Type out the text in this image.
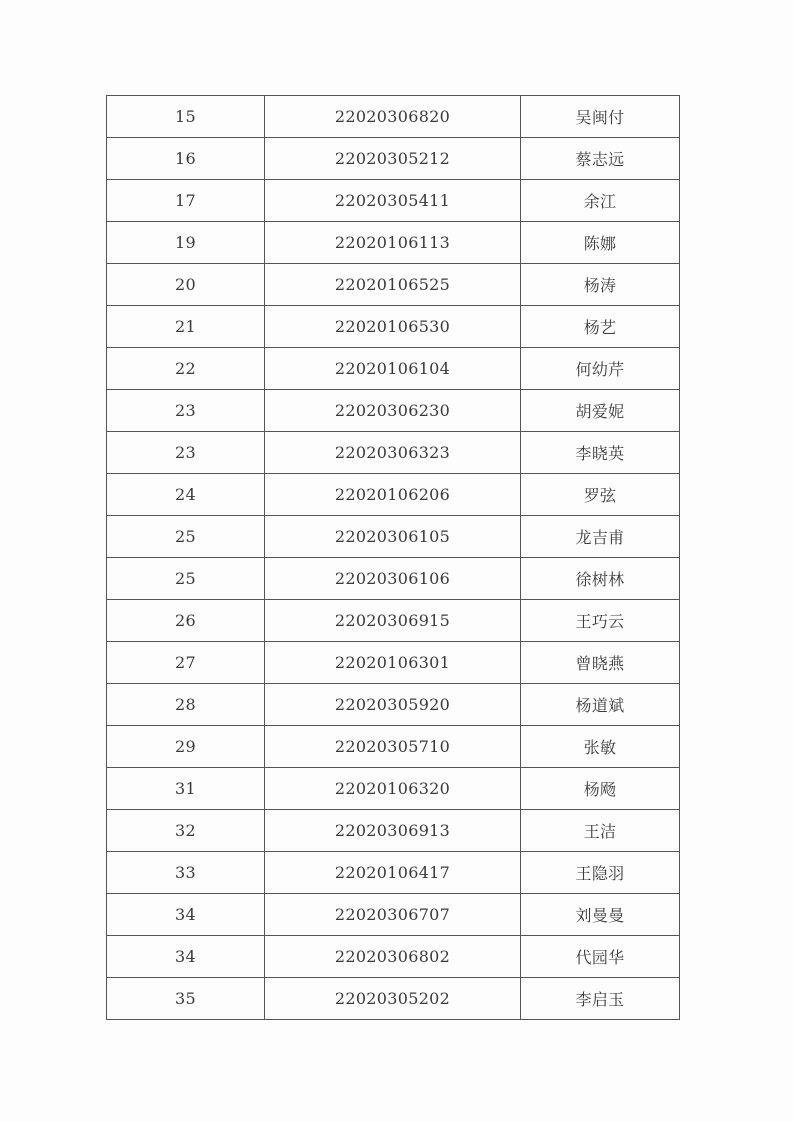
15	22020306820	吴闽付
16	22020305212	蔡志远
17	22020305411	余江
19	22020106113	陈娜
20	22020106525	杨涛
21	22020106530	杨艺
22	22020106104	何幼芹
23	22020306230	胡爱妮
23	22020306323	李晓英
24	22020106206	罗弦
25	22020306105	龙吉甫
25	22020306106	徐树林
26	22020306915	王巧云
27	22020106301	曾晓燕
28	22020305920	杨道斌
29	22020305710	张敏
31	22020106320	杨飏
32	22020306913	王洁
33	22020106417	王隐羽
34	22020306707	刘曼曼
34	22020306802	代园华
35	22020305202	李启玉
